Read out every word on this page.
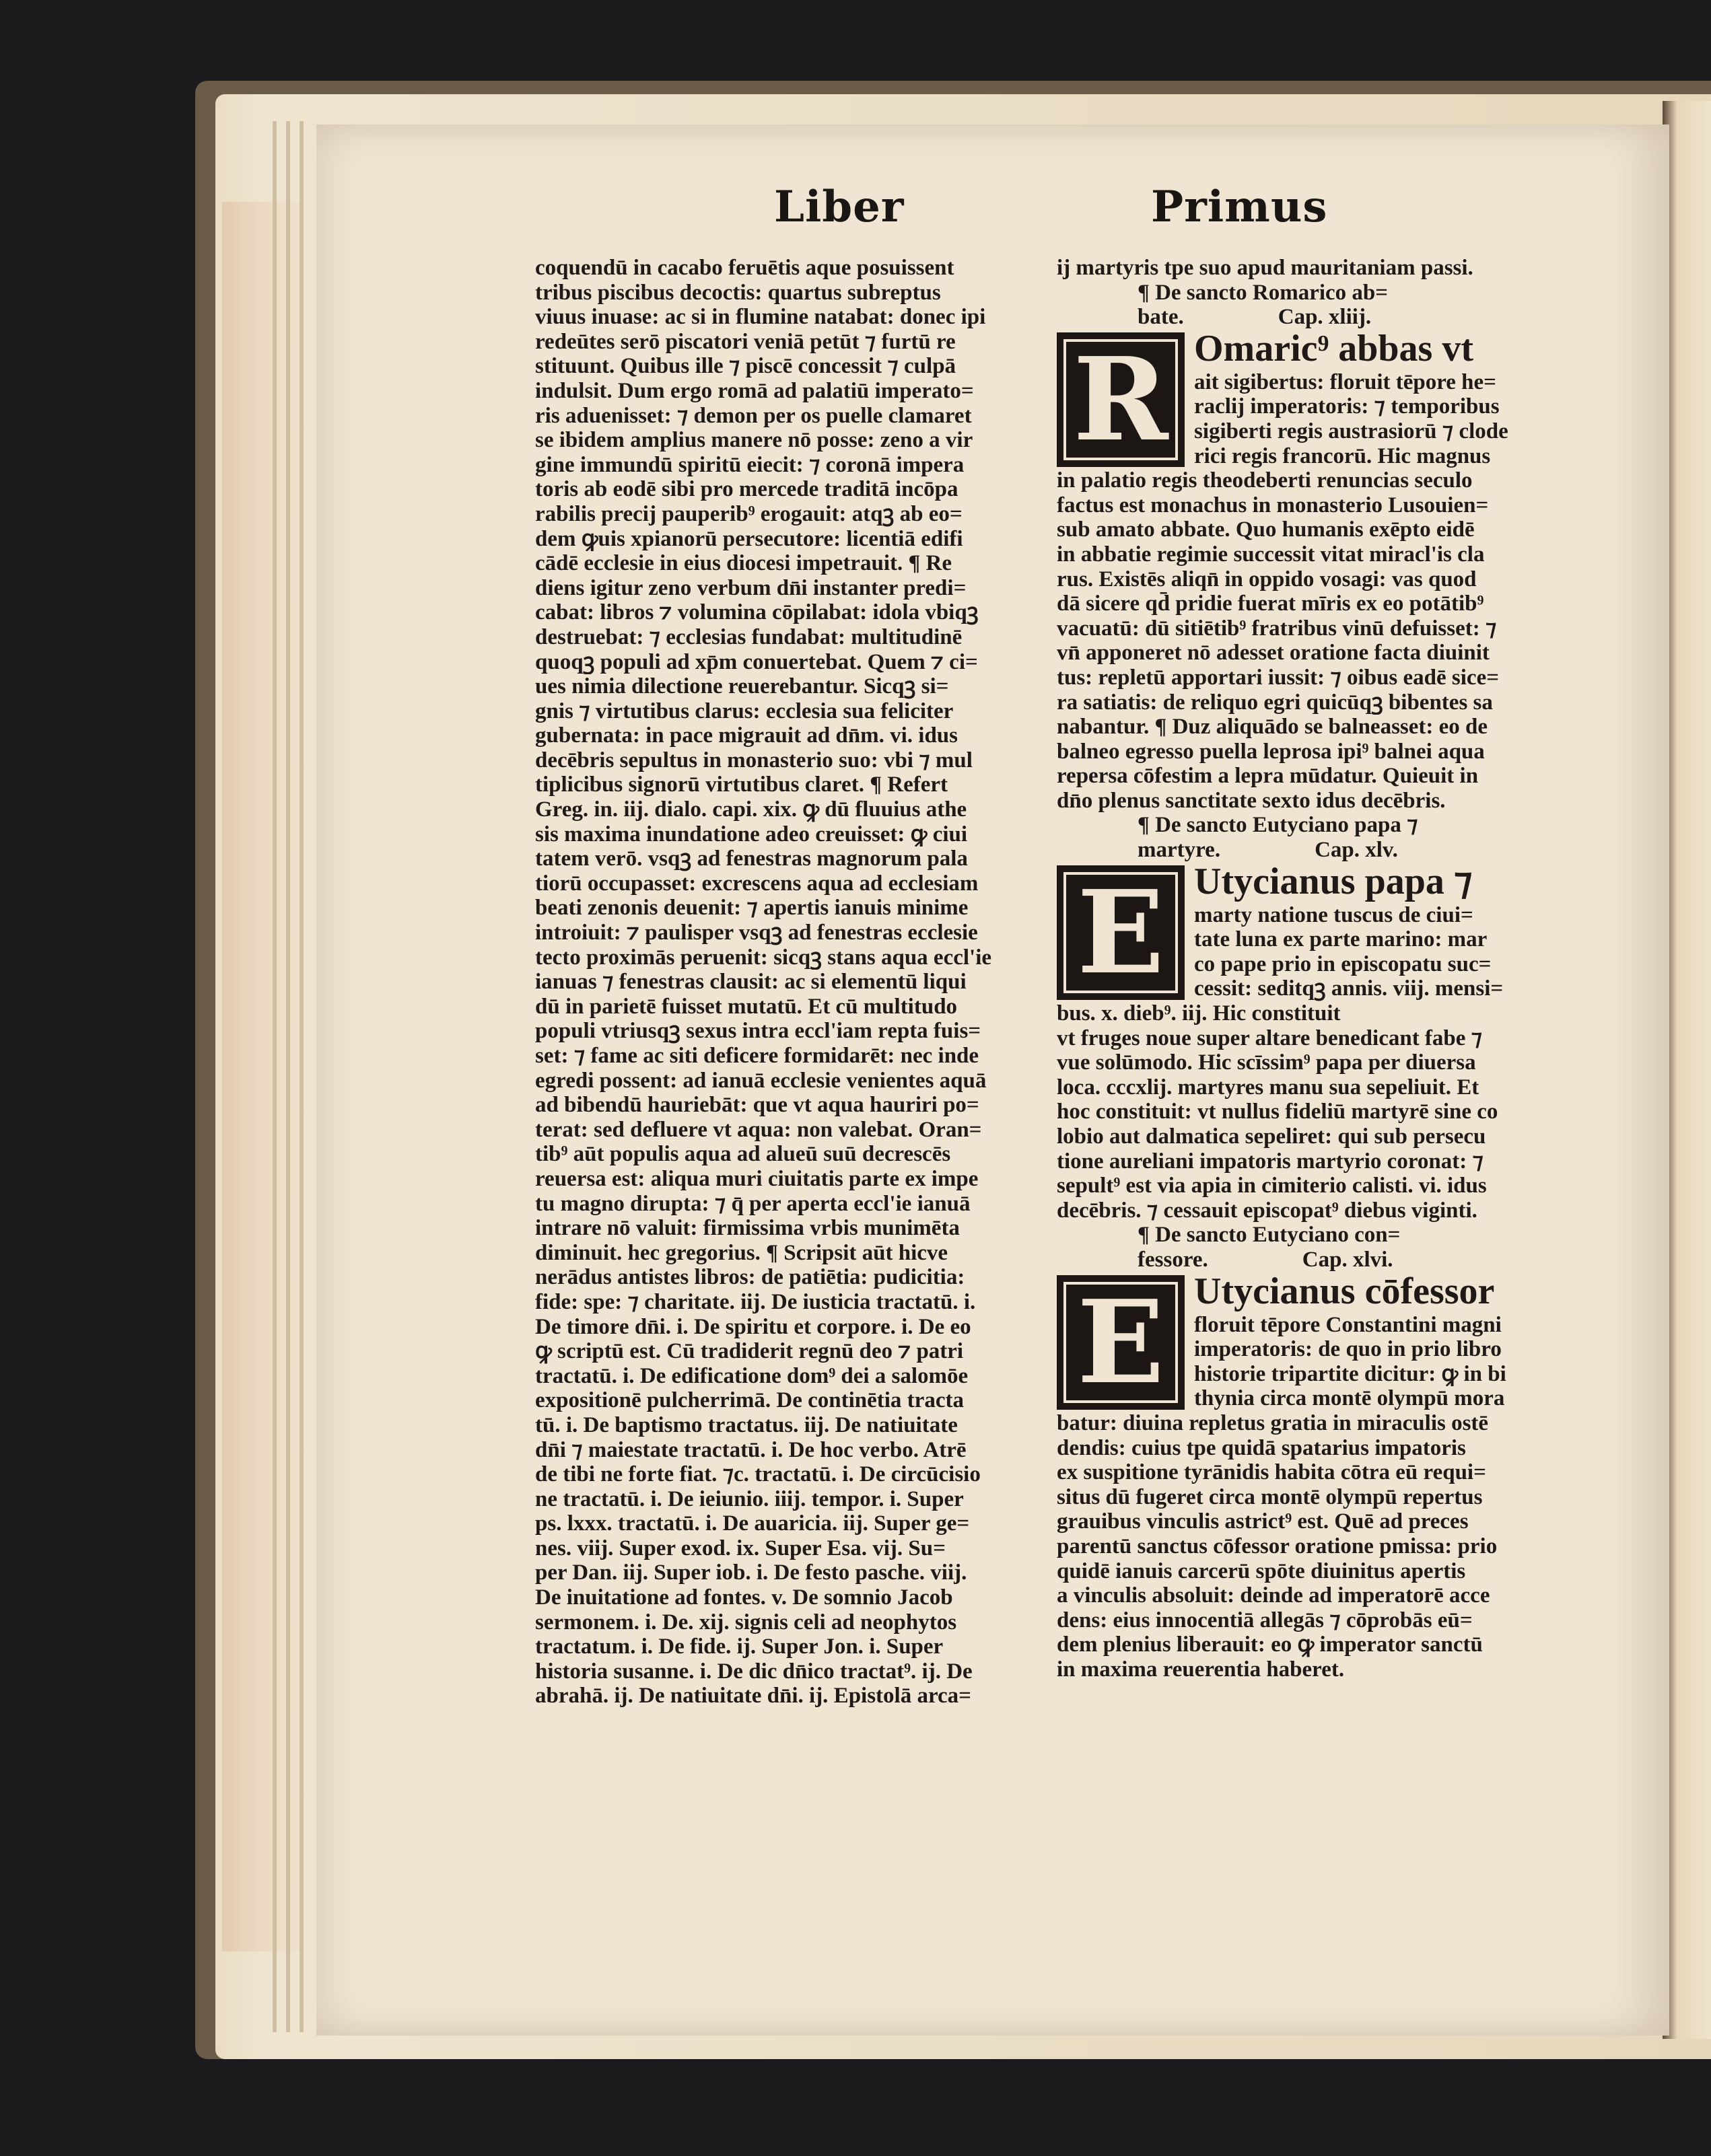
Liber	Primus
coquendū in cacabo feruētis aque posuissent
tribus piscibus decoctis: quartus subreptus
viuus inuase: ac si in flumine natabat: donec ipi
redeūtes serō piscatori veniā petūt ⁊ furtū re
stituunt. Quibus ille ⁊ piscē concessit ⁊ culpā
indulsit. Dum ergo romā ad palatiū imperato=
ris aduenisset: ⁊ demon per os puelle clamaret
se ibidem amplius manere nō posse: zeno a vir
gine immundū spiritū eiecit: ⁊ coronā impera
toris ab eodē sibi pro mercede traditā incōpa
rabilis precij pauperib⁹ erogauit: atqꝫ ab eo=
dem ꝙuis xpianorū persecutore: licentiā edifi
cādē ecclesie in eius diocesi impetrauit. ¶ Re
diens igitur zeno verbum dn̄i instanter predi=
cabat: libros ⁊ volumina cōpilabat: idola vbiqꝫ
destruebat: ⁊ ecclesias fundabat: multitudinē
quoqꝫ populi ad xp̄m conuertebat. Quem ⁊ ci=
ues nimia dilectione reuerebantur. Sicqꝫ si=
gnis ⁊ virtutibus clarus: ecclesia sua feliciter
gubernata: in pace migrauit ad dn̄m. vi. idus
decēbris sepultus in monasterio suo: vbi ⁊ mul
tiplicibus signorū virtutibus claret. ¶ Refert
Greg. in. iij. dialo. capi. xix. ꝙ dū fluuius athe
sis maxima inundatione adeo creuisset: ꝙ ciui
tatem verō. vsqꝫ ad fenestras magnorum pala
tiorū occupasset: excrescens aqua ad ecclesiam
beati zenonis deuenit: ⁊ apertis ianuis minime
introiuit: ⁊ paulisper vsqꝫ ad fenestras ecclesie
tecto proximās peruenit: sicqꝫ stans aqua eccl'ie
ianuas ⁊ fenestras clausit: ac si elementū liqui
dū in parietē fuisset mutatū. Et cū multitudo
populi vtriusqꝫ sexus intra eccl'iam repta fuis=
set: ⁊ fame ac siti deficere formidarēt: nec inde
egredi possent: ad ianuā ecclesie venientes aquā
ad bibendū hauriebāt: que vt aqua hauriri po=
terat: sed defluere vt aqua: non valebat. Oran=
tib⁹ aūt populis aqua ad alueū suū decrescēs
reuersa est: aliqua muri ciuitatis parte ex impe
tu magno dirupta: ⁊ q̄ per aperta eccl'ie ianuā
intrare nō valuit: firmissima vrbis munimēta
diminuit. hec gregorius. ¶ Scripsit aūt hicve
nerādus antistes libros: de patiētia: pudicitia:
fide: spe: ⁊ charitate. iij. De iusticia tractatū. i.
De timore dn̄i. i. De spiritu et corpore. i. De eo
ꝙ scriptū est. Cū tradiderit regnū deo ⁊ patri
tractatū. i. De edificatione dom⁹ dei a salomōe
expositionē pulcherrimā. De continētia tracta
tū. i. De baptismo tractatus. iij. De natiuitate
dn̄i ⁊ maiestate tractatū. i. De hoc verbo. Atrē
de tibi ne forte fiat. ⁊c. tractatū. i. De circūcisio
ne tractatū. i. De ieiunio. iiij. tempor. i. Super
ps. lxxx. tractatū. i. De auaricia. iij. Super ge=
nes. viij. Super exod. ix. Super Esa. vij. Su=
per Dan. iij. Super iob. i. De festo pasche. viij.
De inuitatione ad fontes. v. De somnio Jacob
sermonem. i. De. xij. signis celi ad neophytos
tractatum. i. De fide. ij. Super Jon. i. Super
historia susanne. i. De dic dn̄ico tractat⁹. ij. De
abrahā. ij. De natiuitate dn̄i. ij. Epistolā arca=
ij martyris tpe suo apud mauritaniam passi.
¶ De sancto Romarico ab=
bate.	Cap. xliij.
R Omaric⁹ abbas vt
ait sigibertus: floruit tēpore he=
raclij imperatoris: ⁊ temporibus
sigiberti regis austrasiorū ⁊ clode
rici regis francorū. Hic magnus
in palatio regis theodeberti renuncias seculo
factus est monachus in monasterio Lusouien=
sub amato abbate. Quo humanis exēpto eidē
in abbatie regimie successit vitat miracl'is cla
rus. Existēs aliqn̄ in oppido vosagi: vas quod
dā sicere qd̄ pridie fuerat mīris ex eo potātib⁹
vacuatū: dū sitiētib⁹ fratribus vinū defuisset: ⁊
vn̄ apponeret nō adesset oratione facta diuinit
tus: repletū apportari iussit: ⁊ oibus eadē sice=
ra satiatis: de reliquo egri quicūqꝫ bibentes sa
nabantur. ¶ Duz aliquādo se balneasset: eo de
balneo egresso puella leprosa ipi⁹ balnei aqua
repersa cōfestim a lepra mūdatur. Quieuit in
dn̄o plenus sanctitate sexto idus decēbris.
¶ De sancto Eutyciano papa ⁊
martyre.	Cap. xlv.
E Utycianus papa ⁊
marty natione tuscus de ciui=
tate luna ex parte marino: mar
co pape prio in episcopatu suc=
cessit: seditqꝫ annis. viij. mensi=
bus. x. dieb⁹. iij. Hic constituit
vt fruges noue super altare benedicant fabe ⁊
vue solūmodo. Hic scīssim⁹ papa per diuersa
loca. cccxlij. martyres manu sua sepeliuit. Et
hoc constituit: vt nullus fideliū martyrē sine co
lobio aut dalmatica sepeliret: qui sub persecu
tione aureliani impatoris martyrio coronat: ⁊
sepult⁹ est via apia in cimiterio calisti. vi. idus
decēbris. ⁊ cessauit episcopat⁹ diebus viginti.
¶ De sancto Eutyciano con=
fessore.	Cap. xlvi.
E Utycianus cōfessor
floruit tēpore Constantini magni
imperatoris: de quo in prio libro
historie tripartite dicitur: ꝙ in bi
thynia circa montē olympū mora
batur: diuina repletus gratia in miraculis ostē
dendis: cuius tpe quidā spatarius impatoris
ex suspitione tyrānidis habita cōtra eū requi=
situs dū fugeret circa montē olympū repertus
grauibus vinculis astrict⁹ est. Quē ad preces
parentū sanctus cōfessor oratione pmissa: prio
quidē ianuis carcerū spōte diuinitus apertis
a vinculis absoluit: deinde ad imperatorē acce
dens: eius innocentiā allegās ⁊ cōprobās eū=
dem plenius liberauit: eo ꝙ imperator sanctū
in maxima reuerentia haberet.
